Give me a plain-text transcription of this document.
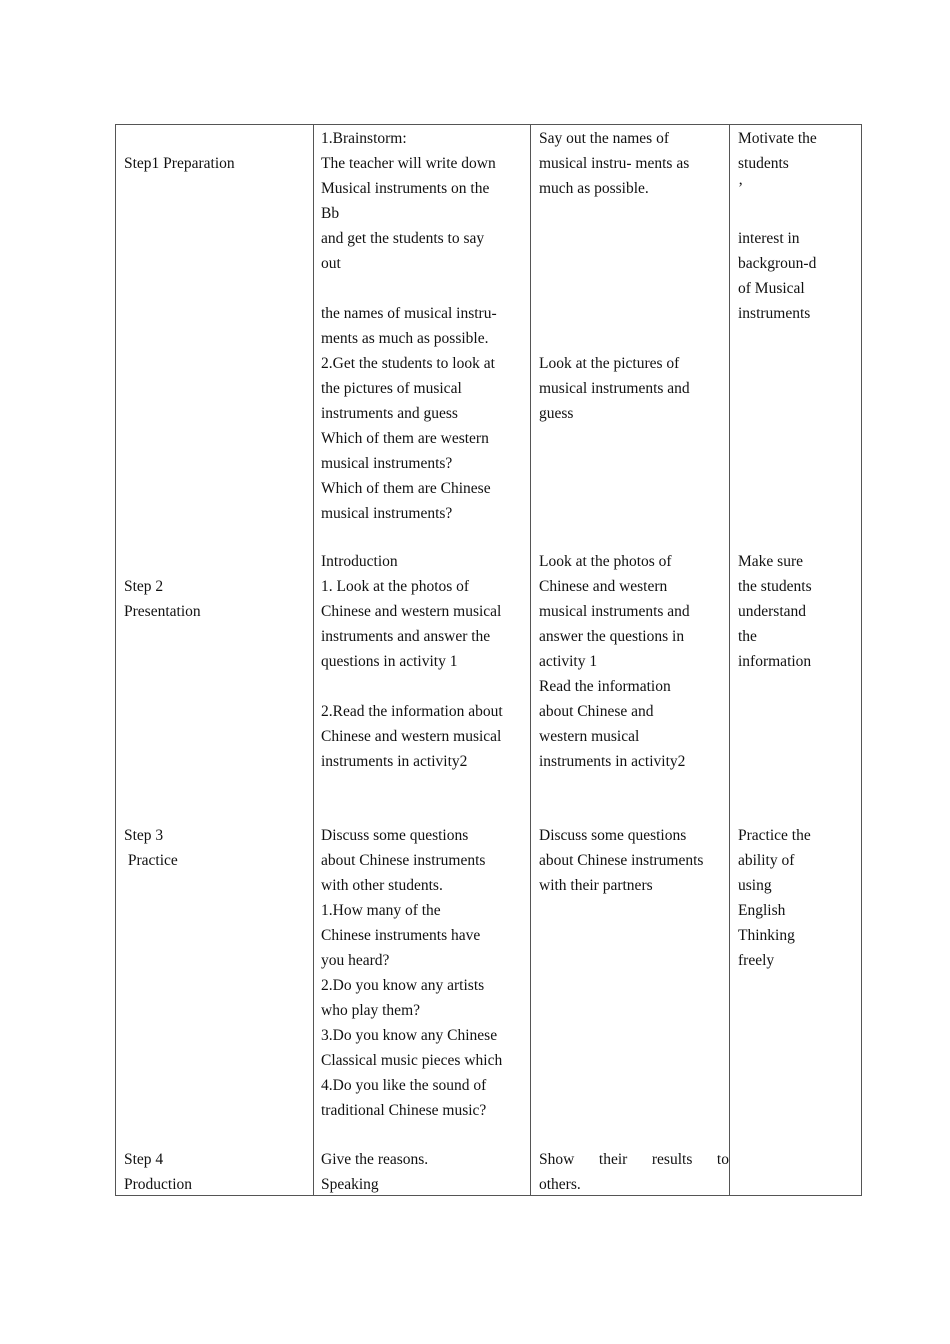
Step1 Preparation
1.Brainstorm:
The teacher will write down
Musical instruments on the
Bb
and get the students to say
out
the names of musical instru-
ments as much as possible.
2.Get the students to look at
the pictures of musical
instruments and guess
Which of them are western
musical instruments?
Which of them are Chinese
musical instruments?
Say out the names of
musical instru- ments as
much as possible.
Look at the pictures of
musical instruments and
guess
Motivate the
students
’
interest in
backgroun-d
of Musical
instruments
Step 2
Presentation
Introduction
1. Look at the photos of
Chinese and western musical
instruments and answer the
questions in activity 1
2.Read the information about
Chinese and western musical
instruments in activity2
Look at the photos of
Chinese and western
musical instruments and
answer the questions in
activity 1
Read the information
about Chinese and
western musical
instruments in activity2
Make sure
the students
understand
the
information
Step 3
Practice
Discuss some questions
about Chinese instruments
with other students.
1.How many of the
Chinese instruments have
you heard?
2.Do you know any artists
who play them?
3.Do you know any Chinese
Classical music pieces which
4.Do you like the sound of
traditional Chinese music?
Discuss some questions
about Chinese instruments
with their partners
Practice the
ability of
using
English
Thinking
freely
Step 4
Production
Give the reasons.
Speaking
Show their results to
others.
